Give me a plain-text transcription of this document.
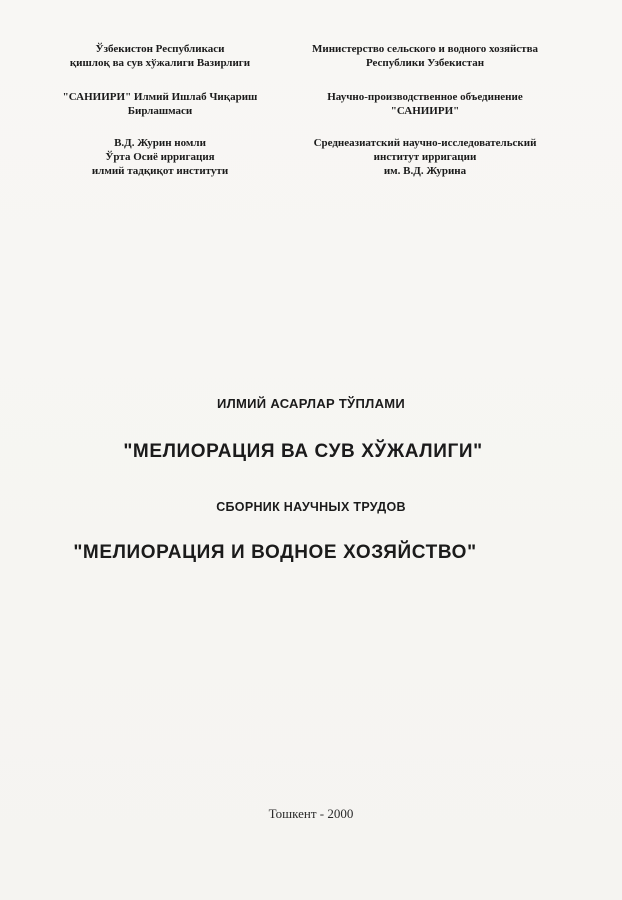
Ўзбекистон Республикаси
қишлоқ ва сув хўжалиги Вазирлиги
"САНИИРИ" Илмий Ишлаб Чиқариш
Бирлашмаси
В.Д. Журин номли
Ўрта Осиё ирригация
илмий тадқиқот институти
Министерство сельского и водного хозяйства
Республики Узбекистан
Научно-производственное объединение
"САНИИРИ"
Среднеазиатский научно-исследовательский
институт ирригации
им. В.Д. Журина
ИЛМИЙ АСАРЛАР ТЎПЛАМИ
"МЕЛИОРАЦИЯ ВА СУВ ХЎЖАЛИГИ"
СБОРНИК НАУЧНЫХ ТРУДОВ
"МЕЛИОРАЦИЯ И ВОДНОЕ ХОЗЯЙСТВО"
Тошкент - 2000
